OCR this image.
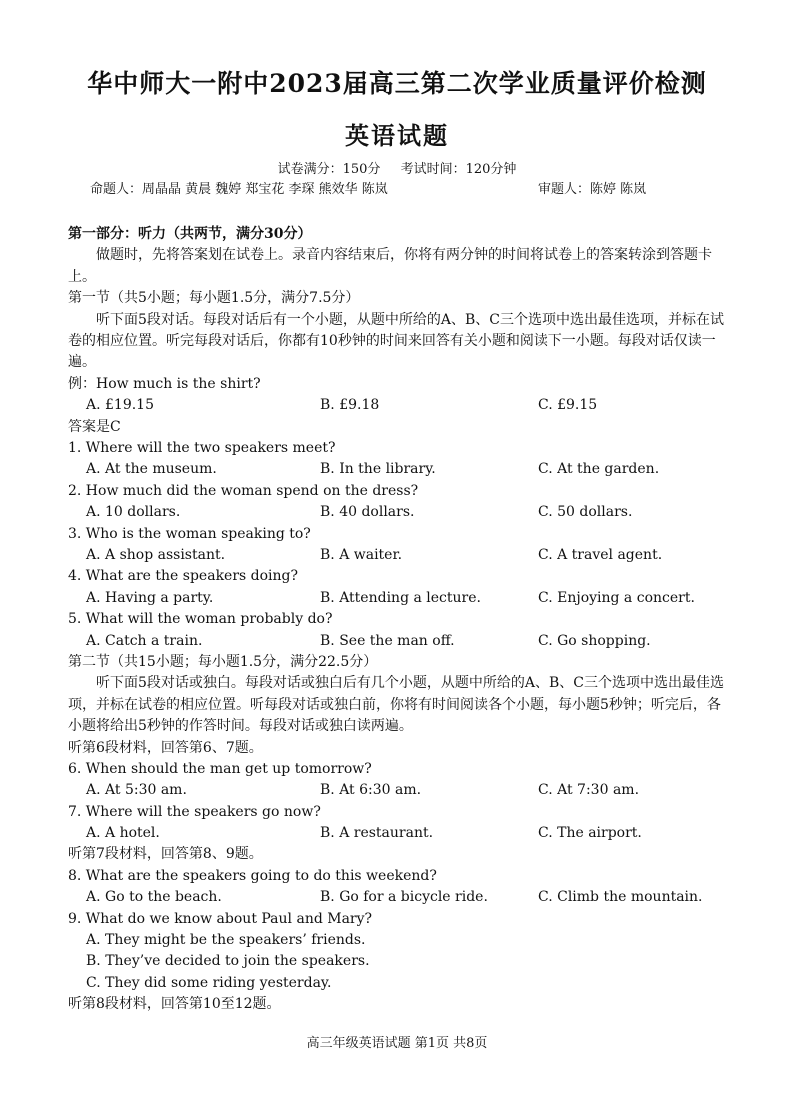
华中师大一附中2023届高三第二次学业质量评价检测
英语试题
试卷满分：150分 考试时间：120分钟
命题人：周晶晶 黄晨 魏婷 郑宝花 李琛 熊效华 陈岚	审题人：陈婷 陈岚
第一部分：听力（共两节，满分30分）
做题时，先将答案划在试卷上。录音内容结束后，你将有两分钟的时间将试卷上的答案转涂到答题卡上。
第一节（共5小题；每小题1.5分，满分7.5分）
听下面5段对话。每段对话后有一个小题，从题中所给的A、B、C三个选项中选出最佳选项，并标在试卷的相应位置。听完每段对话后，你都有10秒钟的时间来回答有关小题和阅读下一小题。每段对话仅读一遍。
例：How much is the shirt?
A. £19.15	B. £9.18	C. £9.15
答案是C
1. Where will the two speakers meet?
A. At the museum.	B. In the library.	C. At the garden.
2. How much did the woman spend on the dress?
A. 10 dollars.	B. 40 dollars.	C. 50 dollars.
3. Who is the woman speaking to?
A. A shop assistant.	B. A waiter.	C. A travel agent.
4. What are the speakers doing?
A. Having a party.	B. Attending a lecture.	C. Enjoying a concert.
5. What will the woman probably do?
A. Catch a train.	B. See the man off.	C. Go shopping.
第二节（共15小题；每小题1.5分，满分22.5分）
听下面5段对话或独白。每段对话或独白后有几个小题，从题中所给的A、B、C三个选项中选出最佳选项，并标在试卷的相应位置。听每段对话或独白前，你将有时间阅读各个小题，每小题5秒钟；听完后，各小题将给出5秒钟的作答时间。每段对话或独白读两遍。
听第6段材料，回答第6、7题。
6. When should the man get up tomorrow?
A. At 5:30 am.	B. At 6:30 am.	C. At 7:30 am.
7. Where will the speakers go now?
A. A hotel.	B. A restaurant.	C. The airport.
听第7段材料，回答第8、9题。
8. What are the speakers going to do this weekend?
A. Go to the beach.	B. Go for a bicycle ride.	C. Climb the mountain.
9. What do we know about Paul and Mary?
A. They might be the speakers’ friends.
B. They’ve decided to join the speakers.
C. They did some riding yesterday.
听第8段材料，回答第10至12题。
高三年级英语试题 第1页 共8页
